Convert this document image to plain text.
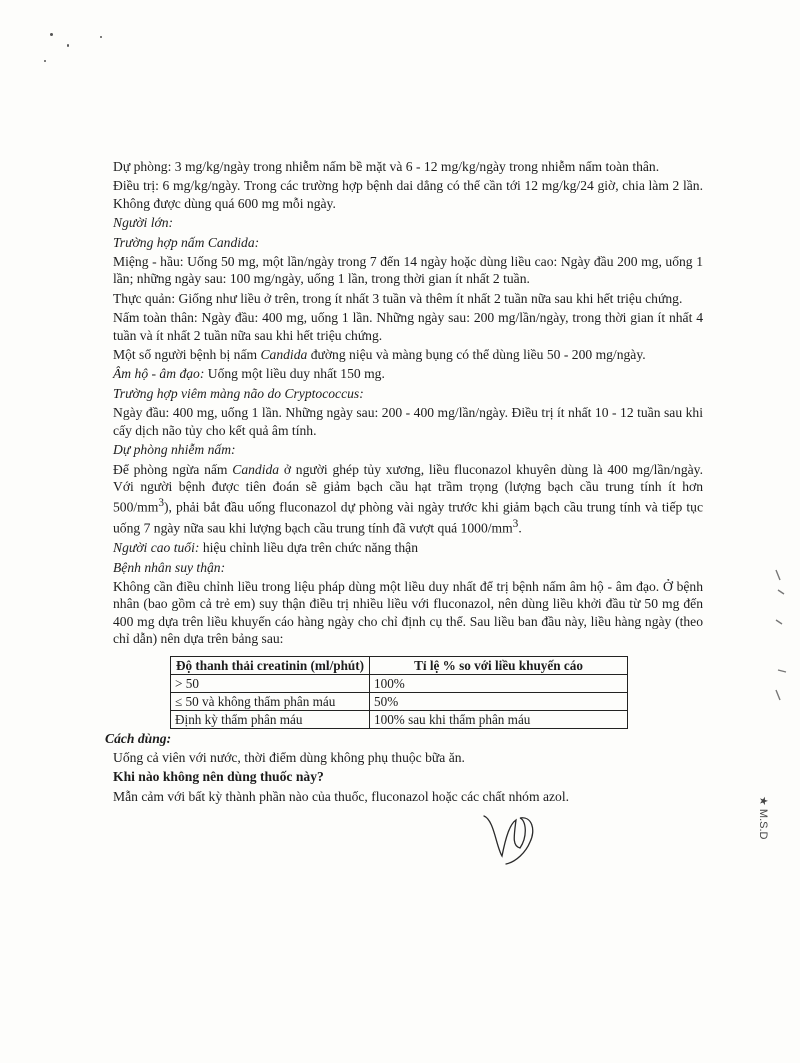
Dự phòng: 3 mg/kg/ngày trong nhiễm nấm bề mặt và 6 - 12 mg/kg/ngày trong nhiễm nấm toàn thân.

Điều trị: 6 mg/kg/ngày. Trong các trường hợp bệnh dai dẳng có thể cần tới 12 mg/kg/24 giờ, chia làm 2 lần. Không được dùng quá 600 mg mỗi ngày.

Người lớn:

Trường hợp nấm Candida:

Miệng - hầu: Uống 50 mg, một lần/ngày trong 7 đến 14 ngày hoặc dùng liều cao: Ngày đầu 200 mg, uống 1 lần; những ngày sau: 100 mg/ngày, uống 1 lần, trong thời gian ít nhất 2 tuần.

Thực quản: Giống như liều ở trên, trong ít nhất 3 tuần và thêm ít nhất 2 tuần nữa sau khi hết triệu chứng.

Nấm toàn thân: Ngày đầu: 400 mg, uống 1 lần. Những ngày sau: 200 mg/lần/ngày, trong thời gian ít nhất 4 tuần và ít nhất 2 tuần nữa sau khi hết triệu chứng.

Một số người bệnh bị nấm Candida đường niệu và màng bụng có thể dùng liều 50 - 200 mg/ngày.

Âm hộ - âm đạo: Uống một liều duy nhất 150 mg.

Trường hợp viêm màng não do Cryptococcus:

Ngày đầu: 400 mg, uống 1 lần. Những ngày sau: 200 - 400 mg/lần/ngày. Điều trị ít nhất 10 - 12 tuần sau khi cấy dịch não tủy cho kết quả âm tính.

Dự phòng nhiễm nấm:

Để phòng ngừa nấm Candida ở người ghép tủy xương, liều fluconazol khuyên dùng là 400 mg/lần/ngày. Với người bệnh được tiên đoán sẽ giảm bạch cầu hạt trầm trọng (lượng bạch cầu trung tính ít hơn $500/mm^3$), phải bắt đầu uống fluconazol dự phòng vài ngày trước khi giảm bạch cầu trung tính và tiếp tục uống 7 ngày nữa sau khi lượng bạch cầu trung tính đã vượt quá $1000/mm^3$.

Người cao tuổi: hiệu chỉnh liều dựa trên chức năng thận

Bệnh nhân suy thận:

Không cần điều chỉnh liều trong liệu pháp dùng một liều duy nhất để trị bệnh nấm âm hộ - âm đạo. Ở bệnh nhân (bao gồm cả trẻ em) suy thận điều trị nhiều liều với fluconazol, nên dùng liều khởi đầu từ 50 mg đến 400 mg dựa trên liều khuyến cáo hàng ngày cho chỉ định cụ thể. Sau liều ban đầu này, liều hàng ngày (theo chỉ dẫn) nên dựa trên bảng sau:

Độ thanh thải creatinin (ml/phút)	Tỉ lệ % so với liều khuyến cáo
> 50	100%
≤ 50 và không thẩm phân máu	50%
Định kỳ thẩm phân máu	100% sau khi thẩm phân máu

Cách dùng:

Uống cả viên với nước, thời điểm dùng không phụ thuộc bữa ăn.

Khi nào không nên dùng thuốc này?

Mẫn cảm với bất kỳ thành phần nào của thuốc, fluconazol hoặc các chất nhóm azol.	★ M.S.D
